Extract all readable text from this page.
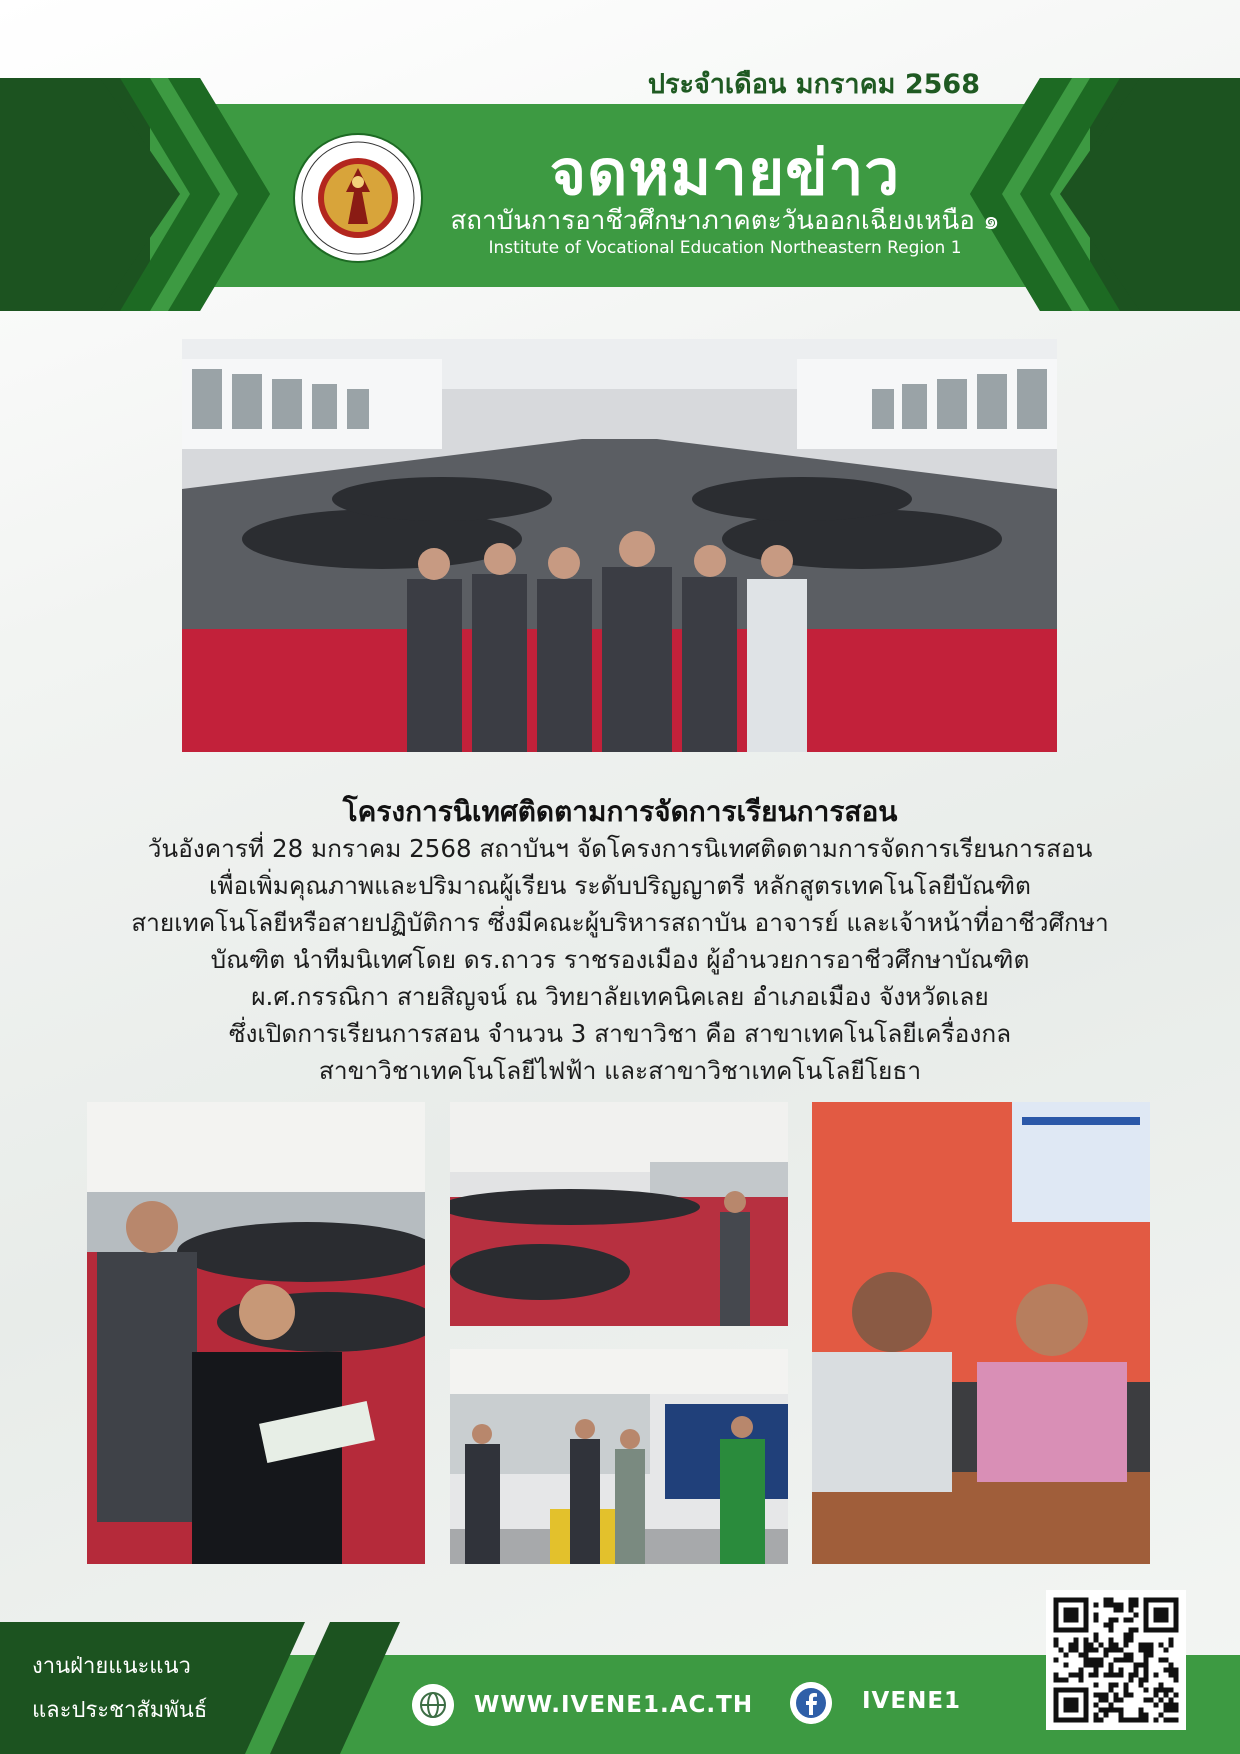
ประจำเดือน มกราคม 2568
จดหมายข่าว
สถาบันการอาชีวศึกษาภาคตะวันออกเฉียงเหนือ ๑
Institute of Vocational Education Northeastern Region 1
โครงการนิเทศติดตามการจัดการเรียนการสอน
วันอังคารที่ 28 มกราคม 2568 สถาบันฯ จัดโครงการนิเทศติดตามการจัดการเรียนการสอน
เพื่อเพิ่มคุณภาพและปริมาณผู้เรียน ระดับปริญญาตรี หลักสูตรเทคโนโลยีบัณฑิต
สายเทคโนโลยีหรือสายปฏิบัติการ ซึ่งมีคณะผู้บริหารสถาบัน อาจารย์ และเจ้าหน้าที่อาชีวศึกษา
บัณฑิต นำทีมนิเทศโดย ดร.ถาวร ราชรองเมือง ผู้อำนวยการอาชีวศึกษาบัณฑิต
ผ.ศ.กรรณิกา สายสิญจน์ ณ วิทยาลัยเทคนิคเลย อำเภอเมือง จังหวัดเลย
ซึ่งเปิดการเรียนการสอน จำนวน 3 สาขาวิชา คือ สาขาเทคโนโลยีเครื่องกล
สาขาวิชาเทคโนโลยีไฟฟ้า และสาขาวิชาเทคโนโลยีโยธา
งานฝ่ายแนะแนว
และประชาสัมพันธ์	WWW.IVENE1.AC.TH	IVENE1
